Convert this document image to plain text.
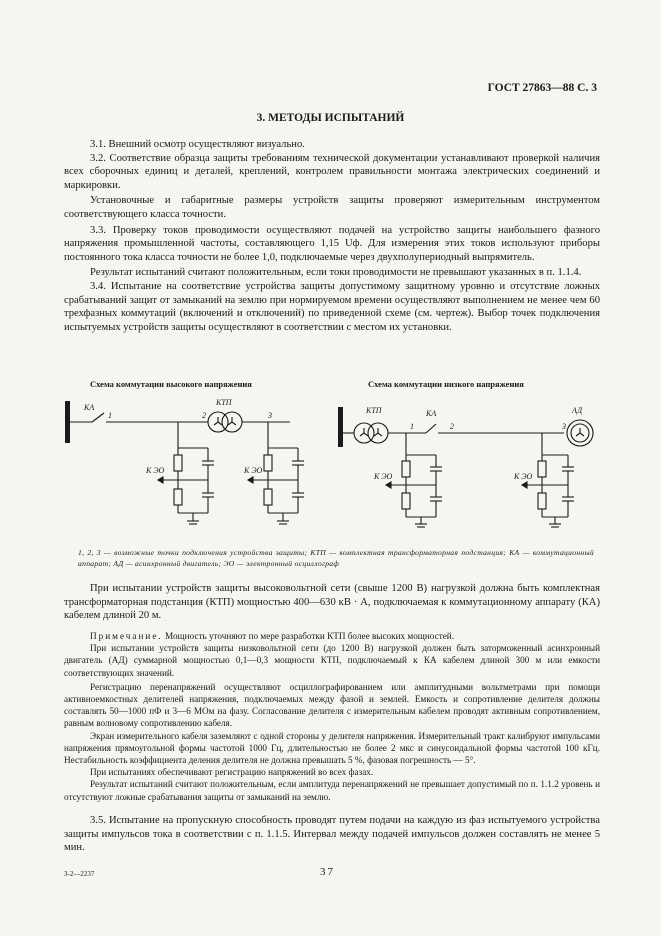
ГОСТ 27863—88 С. 3
3. МЕТОДЫ ИСПЫТАНИЙ

3.1. Внешний осмотр осуществляют визуально.

3.2. Соответствие образца защиты требованиям технической документации устанавливают проверкой наличия всех сборочных единиц и деталей, креплений, контролем правильности монтажа электрических соединений и маркировки.

Установочные и габаритные размеры устройств защиты проверяют измерительным инструментом соответствующего класса точности.

3.3. Проверку токов проводимости осуществляют подачей на устройство защиты наибольшего фазного напряжения промышленной частоты, составляющего 1,15 Uф. Для измерения этих токов используют приборы постоянного тока класса точности не более 1,0, подключаемые через двухполупериодный выпрямитель.

Результат испытаний считают положительным, если токи проводимости не превышают указанных в п. 1.1.4.

3.4. Испытание на соответствие устройства защиты допустимому защитному уровню и отсутствие ложных срабатываний защит от замыканий на землю при нормируемом времени осуществляют выполнением не менее чем 60 трехфазных коммутаций (включений и отключений) по приведенной схеме (см. чертеж). Выбор точек подключения испытуемых устройств защиты осуществляют в соответствии с местом их установки.

Схема коммутации высокого напряжения	Схема коммутации низкого напряжения
КА
1
КТП
2	3
К ЭО	К ЭО
КТП
1
КА
2	3
АД
К ЭО	К ЭО
1, 2, 3 — возможные точки подключения устройства защиты; КТП — комплектная трансформаторная подстанция; КА — коммутационный аппарат; АД — асинхронный двигатель; ЭО — электронный осциллограф

При испытании устройств защиты высоковольтной сети (свыше 1200 В) нагрузкой должна быть комплектная трансформаторная подстанция (КТП) мощностью 400—630 кВ · А, подключаемая к коммутационному аппарату (КА) кабелем длиной 20 м.

Примечание. Мощность уточняют по мере разработки КТП более высоких мощностей.

При испытании устройств защиты низковольтной сети (до 1200 В) нагрузкой должен быть заторможенный асинхронный двигатель (АД) суммарной мощностью 0,1—0,3 мощности КТП, подключаемый к КА кабелем длиной 300 м или емкости соответствующих значений.

Регистрацию перенапряжений осуществляют осциллографированием или амплитудными вольтметрами при помощи активноемкостных делителей напряжения, подключаемых между фазой и землей. Емкость и сопротивление делителя должны составлять 50—1000 пФ и 3—6 МОм на фазу. Согласование делителя с измерительным кабелем проводят активным сопротивлением, равным волновому сопротивлению кабеля.

Экран измерительного кабеля заземляют с одной стороны у делителя напряжения. Измерительный тракт калибруют импульсами напряжения прямоугольной формы частотой 1000 Гц, длительностью не более 2 мкс и синусоидальной формы частотой 100 кГц. Нестабильность коэффициента деления делителя не должна превышать 5 %, фазовая погрешность — 5°.

При испытаниях обеспечивают регистрацию напряжений во всех фазах.

Результат испытаний считают положительным, если амплитуда перенапряжений не превышает допустимый по п. 1.1.2 уровень и отсутствуют ложные срабатывания защиты от замыканий на землю.

3.5. Испытание на пропускную способность проводят путем подачи на каждую из фаз испытуемого устройства защиты импульсов тока в соответствии с п. 1.1.5. Интервал между подачей импульсов должен составлять не менее 5 мин.

3-2—2237	37
